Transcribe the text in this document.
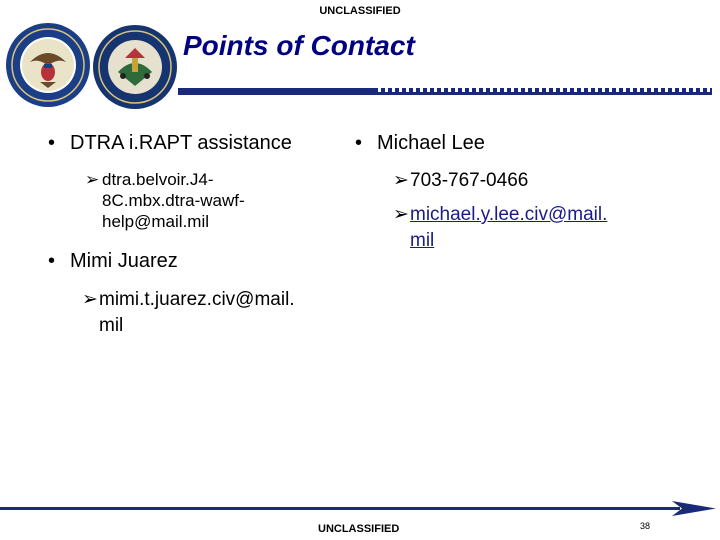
UNCLASSIFIED
Points of Contact
• DTRA i.RAPT assistance
➢ dtra.belvoir.J4-
8C.mbx.dtra-wawf-
help@mail.mil
• Mimi Juarez
➢ mimi.t.juarez.civ@mail.
mil
• Michael Lee
➢ 703-767-0466
➢ michael.y.lee.civ@mail.
mil
UNCLASSIFIED	38
